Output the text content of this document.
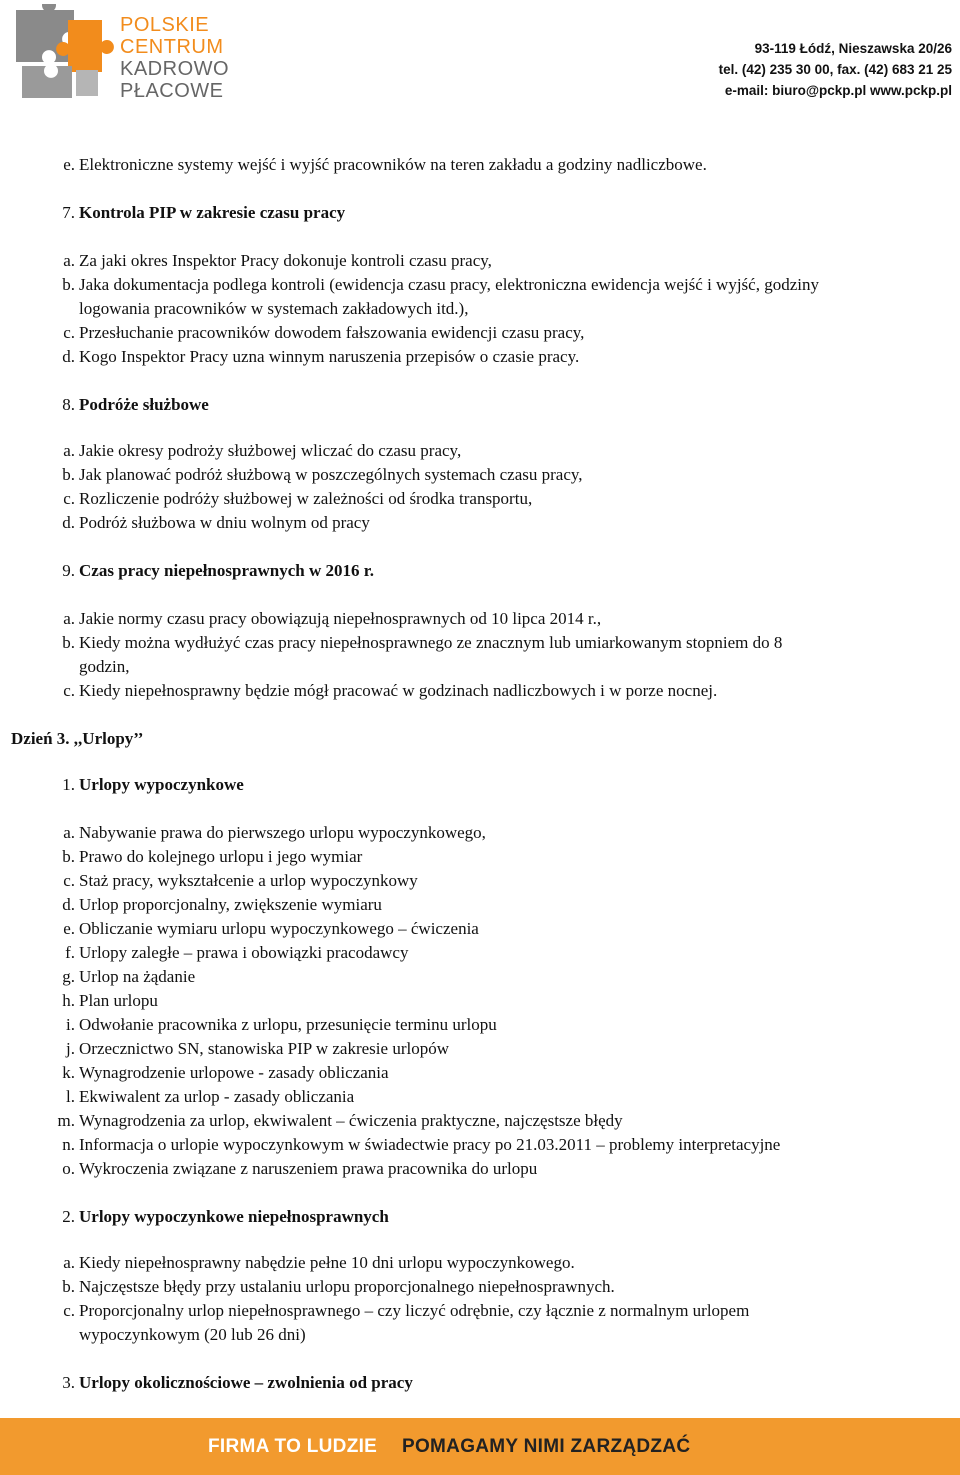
POLSKIE
CENTRUM
KADROWO
PŁACOWE
93-119 Łódź, Nieszawska 20/26
tel. (42) 235 30 00, fax. (42) 683 21 25
e-mail: biuro@pckp.pl www.pckp.pl
e. Elektroniczne systemy wejść i wyjść pracowników na teren zakładu a godziny nadliczbowe.
7. Kontrola PIP w zakresie czasu pracy
a. Za jaki okres Inspektor Pracy dokonuje kontroli czasu pracy,
b. Jaka dokumentacja podlega kontroli (ewidencja czasu pracy, elektroniczna ewidencja wejść i wyjść, godziny
logowania pracowników w systemach zakładowych itd.),
c. Przesłuchanie pracowników dowodem fałszowania ewidencji czasu pracy,
d. Kogo Inspektor Pracy uzna winnym naruszenia przepisów o czasie pracy.
8. Podróże służbowe
a. Jakie okresy podroży służbowej wliczać do czasu pracy,
b. Jak planować podróż służbową w poszczególnych systemach czasu pracy,
c. Rozliczenie podróży służbowej w zależności od środka transportu,
d. Podróż służbowa w dniu wolnym od pracy
9. Czas pracy niepełnosprawnych w 2016 r.
a. Jakie normy czasu pracy obowiązują niepełnosprawnych od 10 lipca 2014 r.,
b. Kiedy można wydłużyć czas pracy niepełnosprawnego ze znacznym lub umiarkowanym stopniem do 8
godzin,
c. Kiedy niepełnosprawny będzie mógł pracować w godzinach nadliczbowych i w porze nocnej.
Dzień 3. ,,Urlopy’’
1. Urlopy wypoczynkowe
a. Nabywanie prawa do pierwszego urlopu wypoczynkowego,
b. Prawo do kolejnego urlopu i jego wymiar
c. Staż pracy, wykształcenie a urlop wypoczynkowy
d. Urlop proporcjonalny, zwiększenie wymiaru
e. Obliczanie wymiaru urlopu wypoczynkowego – ćwiczenia
f. Urlopy zaległe – prawa i obowiązki pracodawcy
g. Urlop na żądanie
h. Plan urlopu
i. Odwołanie pracownika z urlopu, przesunięcie terminu urlopu
j. Orzecznictwo SN, stanowiska PIP w zakresie urlopów
k. Wynagrodzenie urlopowe - zasady obliczania
l. Ekwiwalent za urlop - zasady obliczania
m. Wynagrodzenia za urlop, ekwiwalent – ćwiczenia praktyczne, najczęstsze błędy
n. Informacja o urlopie wypoczynkowym w świadectwie pracy po 21.03.2011 – problemy interpretacyjne
o. Wykroczenia związane z naruszeniem prawa pracownika do urlopu
2. Urlopy wypoczynkowe niepełnosprawnych
a. Kiedy niepełnosprawny nabędzie pełne 10 dni urlopu wypoczynkowego.
b. Najczęstsze błędy przy ustalaniu urlopu proporcjonalnego niepełnosprawnych.
c. Proporcjonalny urlop niepełnosprawnego – czy liczyć odrębnie, czy łącznie z normalnym urlopem
wypoczynkowym (20 lub 26 dni)
3. Urlopy okolicznościowe – zwolnienia od pracy
FIRMA TO LUDZIE POMAGAMY NIMI ZARZĄDZAĆ
